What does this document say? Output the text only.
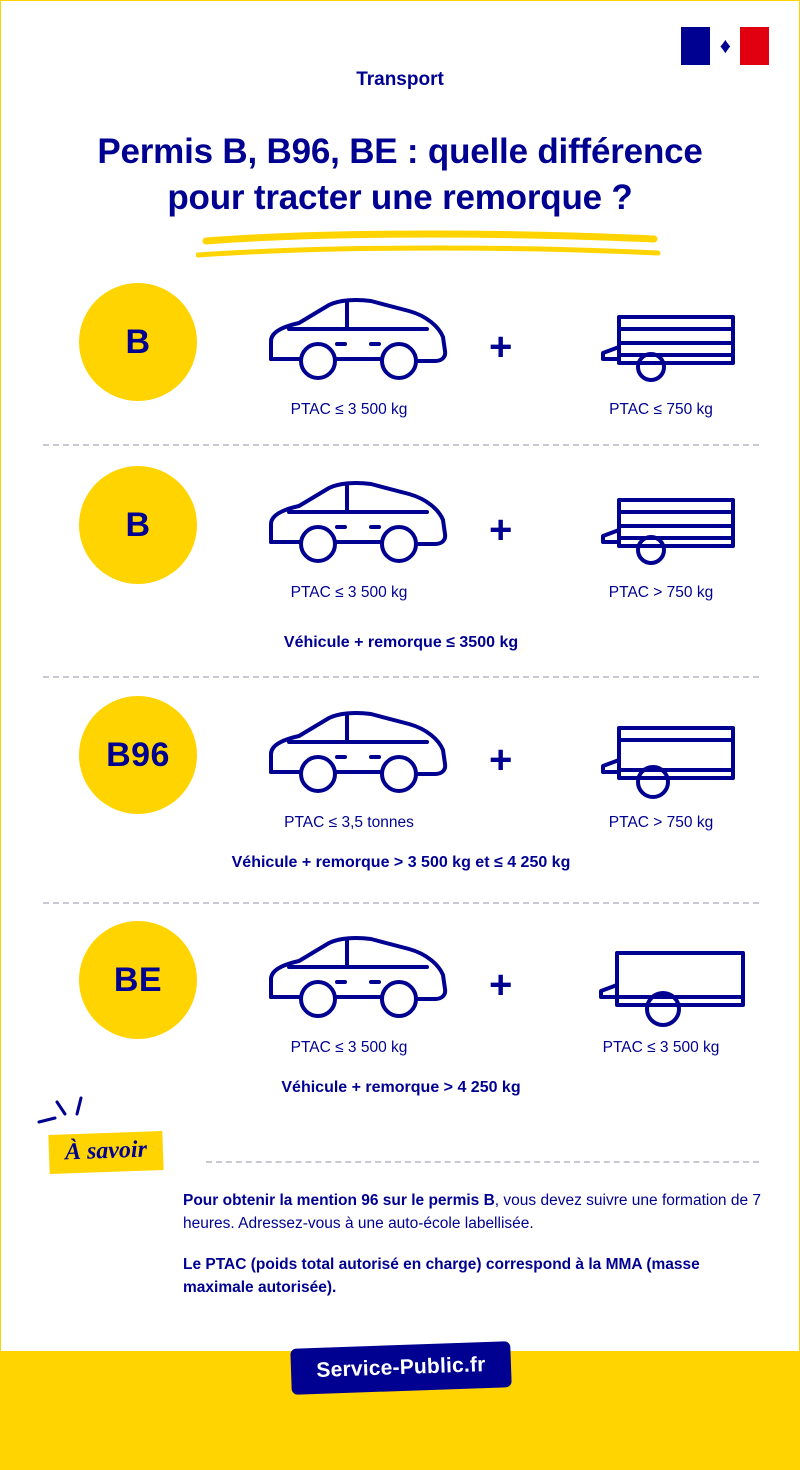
♦
Transport
Permis B, B96, BE : quelle différence
pour tracter une remorque ?
B	+
PTAC ≤ 3 500 kg	PTAC ≤ 750 kg
B	+
PTAC ≤ 3 500 kg	PTAC > 750 kg
Véhicule + remorque ≤ 3500 kg
B96	+
PTAC ≤ 3,5 tonnes	PTAC > 750 kg
Véhicule + remorque > 3 500 kg et ≤ 4 250 kg
BE	+
PTAC ≤ 3 500 kg	PTAC ≤ 3 500 kg
Véhicule + remorque > 4 250 kg
À savoir
Pour obtenir la mention 96 sur le permis B, vous devez suivre une formation de 7 heures. Adressez-vous à une auto-école labellisée.
Le PTAC (poids total autorisé en charge) correspond à la MMA (masse maximale autorisée).
Service-Public.fr
